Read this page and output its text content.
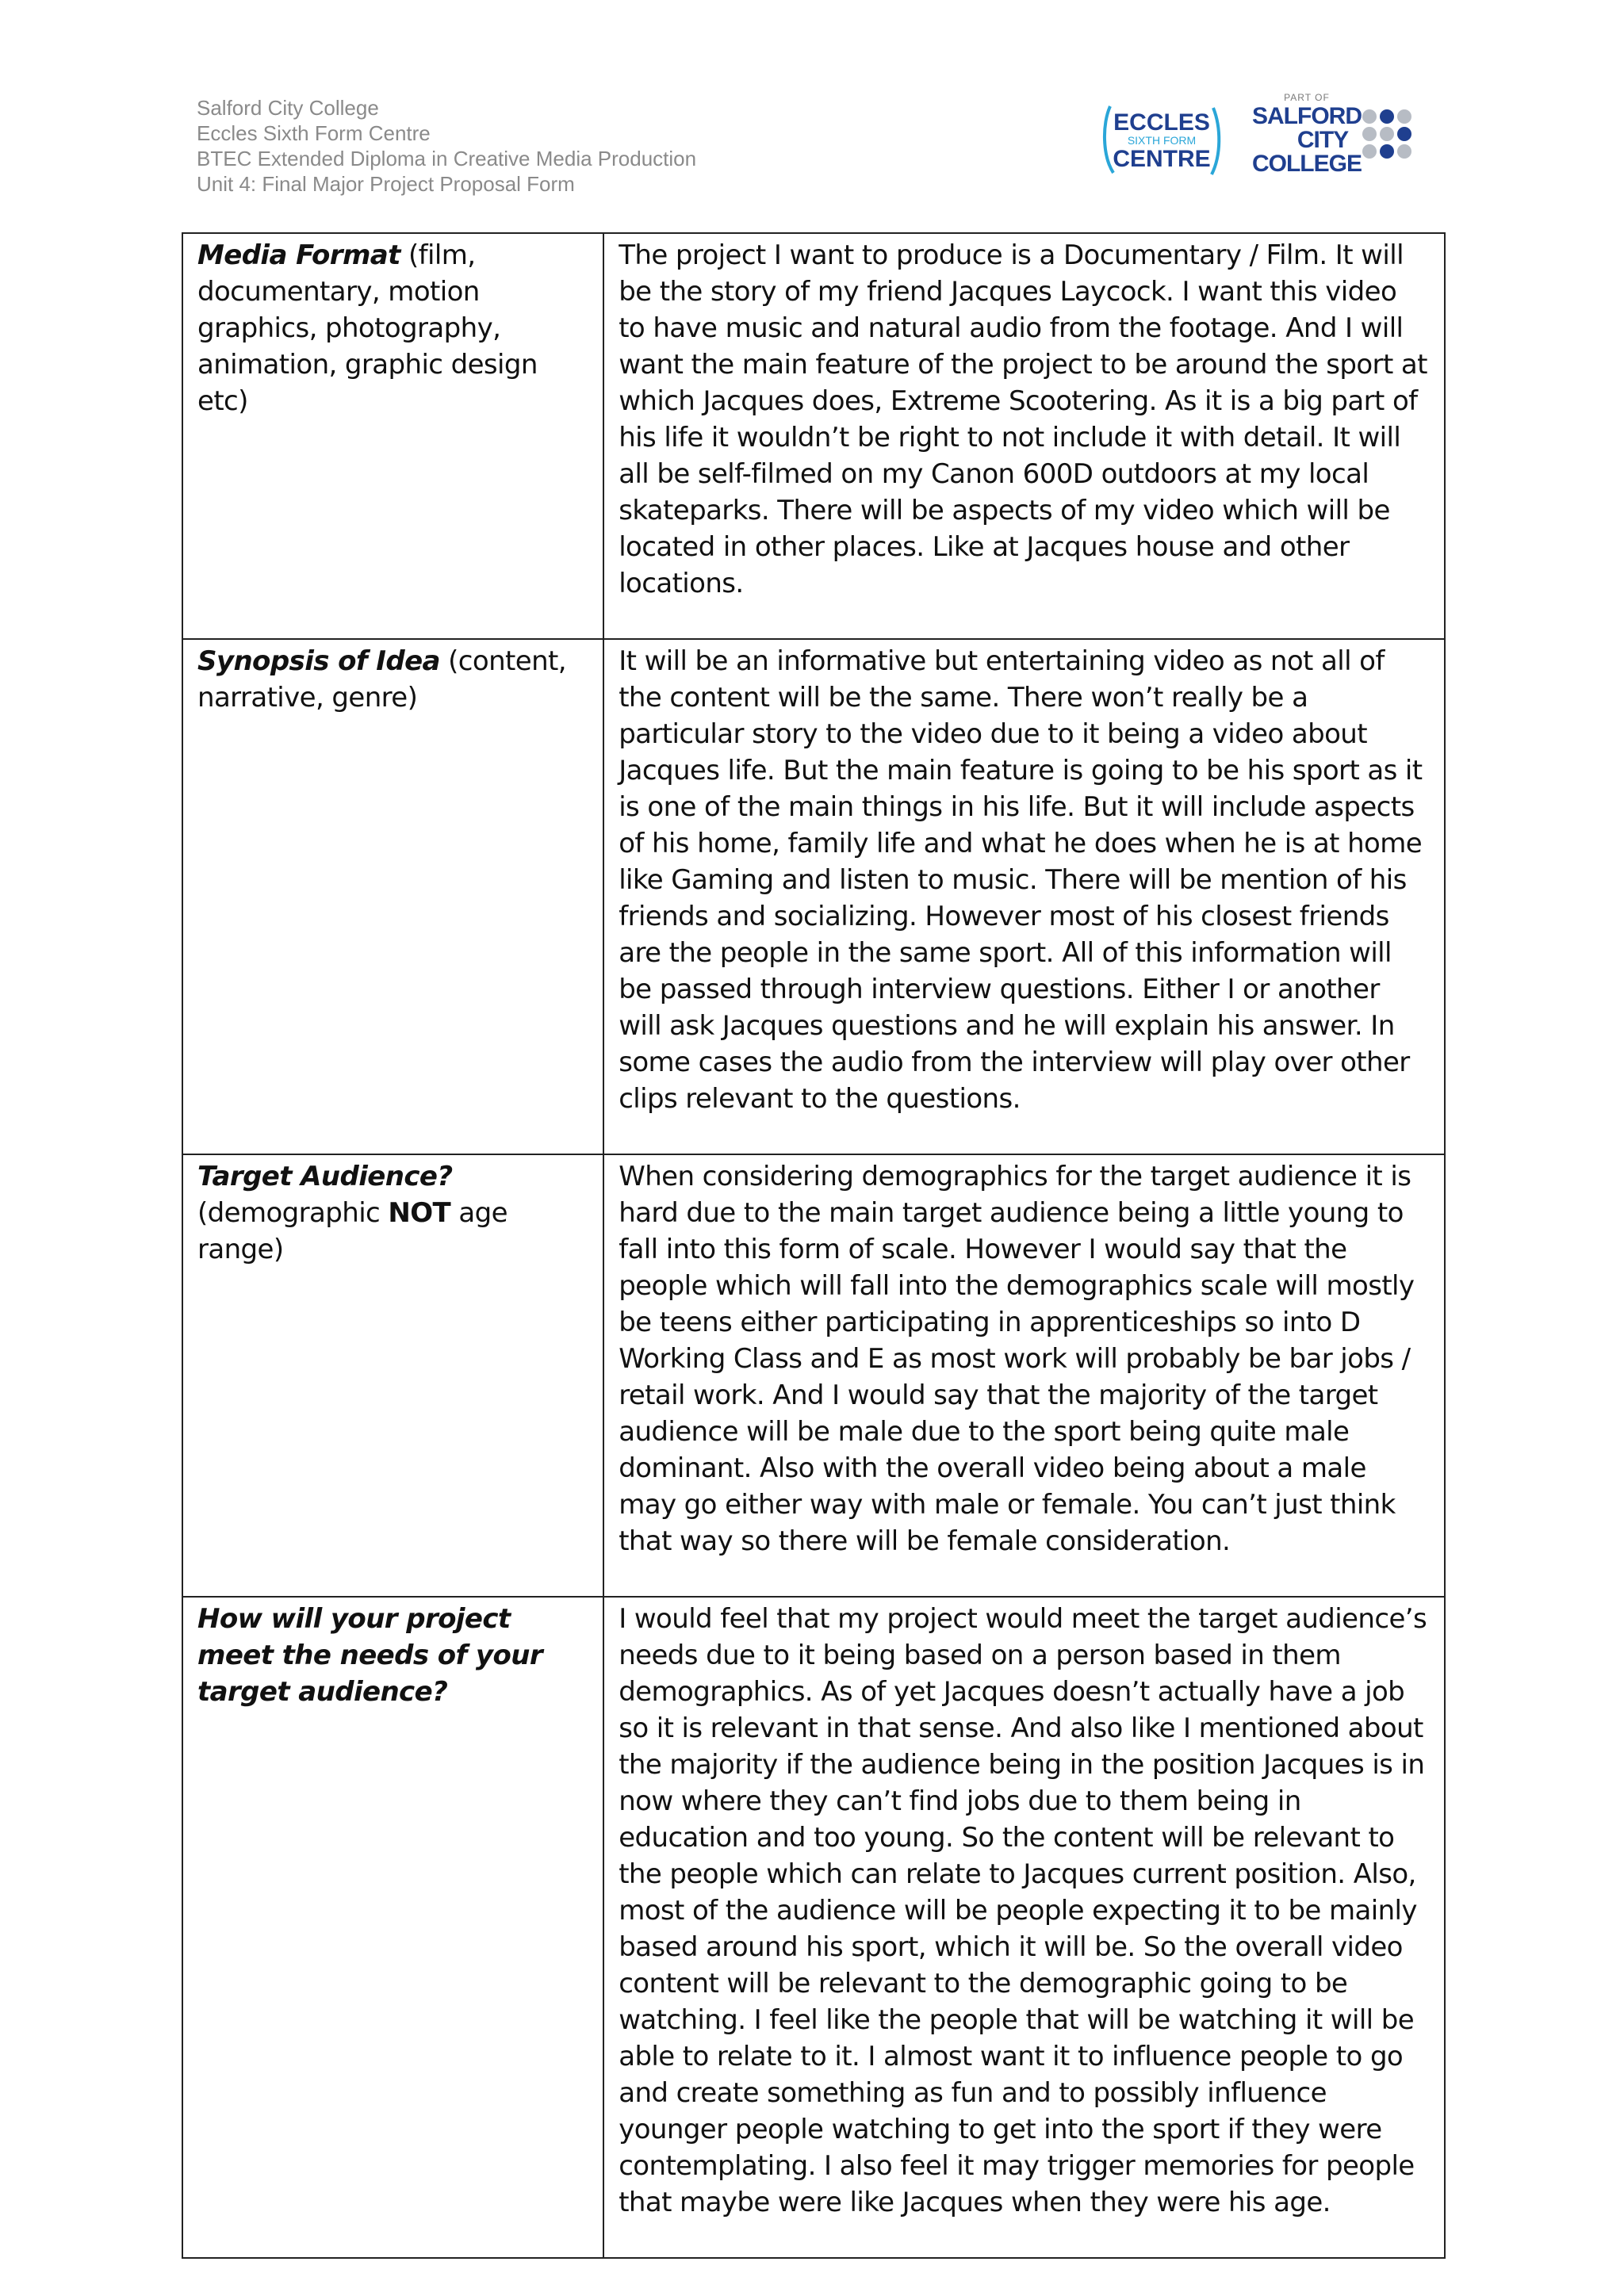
Salford City College
Eccles Sixth Form Centre
BTEC Extended Diploma in Creative Media Production
Unit 4: Final Major Project Proposal Form
ECCLES
SIXTH FORM
CENTRE
PART OF
SALFORD
CITY
COLLEGE
Media Format (film, documentary, motion graphics, photography, animation, graphic design etc)	The project I want to produce is a Documentary / Film. It will be the story of my friend Jacques Laycock. I want this video to have music and natural audio from the footage. And I will want the main feature of the project to be around the sport at which Jacques does, Extreme Scootering. As it is a big part of his life it wouldn’t be right to not include it with detail. It will all be self-filmed on my Canon 600D outdoors at my local skateparks. There will be aspects of my video which will be located in other places. Like at Jacques house and other locations.
Synopsis of Idea (content, narrative, genre)	It will be an informative but entertaining video as not all of the content will be the same. There won’t really be a particular story to the video due to it being a video about Jacques life. But the main feature is going to be his sport as it is one of the main things in his life. But it will include aspects of his home, family life and what he does when he is at home like Gaming and listen to music. There will be mention of his friends and socializing. However most of his closest friends are the people in the same sport. All of this information will be passed through interview questions. Either I or another will ask Jacques questions and he will explain his answer. In some cases the audio from the interview will play over other clips relevant to the questions.
Target Audience?
(demographic NOT age range)	When considering demographics for the target audience it is hard due to the main target audience being a little young to fall into this form of scale. However I would say that the people which will fall into the demographics scale will mostly be teens either participating in apprenticeships so into D Working Class and E as most work will probably be bar jobs / retail work. And I would say that the majority of the target audience will be male due to the sport being quite male dominant. Also with the overall video being about a male may go either way with male or female. You can’t just think that way so there will be female consideration.
How will your project meet the needs of your target audience?	I would feel that my project would meet the target audience’s needs due to it being based on a person based in them demographics. As of yet Jacques doesn’t actually have a job so it is relevant in that sense. And also like I mentioned about the majority if the audience being in the position Jacques is in now where they can’t find jobs due to them being in education and too young. So the content will be relevant to the people which can relate to Jacques current position. Also, most of the audience will be people expecting it to be mainly based around his sport, which it will be. So the overall video content will be relevant to the demographic going to be watching. I feel like the people that will be watching it will be able to relate to it. I almost want it to influence people to go and create something as fun and to possibly influence younger people watching to get into the sport if they were contemplating. I also feel it may trigger memories for people that maybe were like Jacques when they were his age.
